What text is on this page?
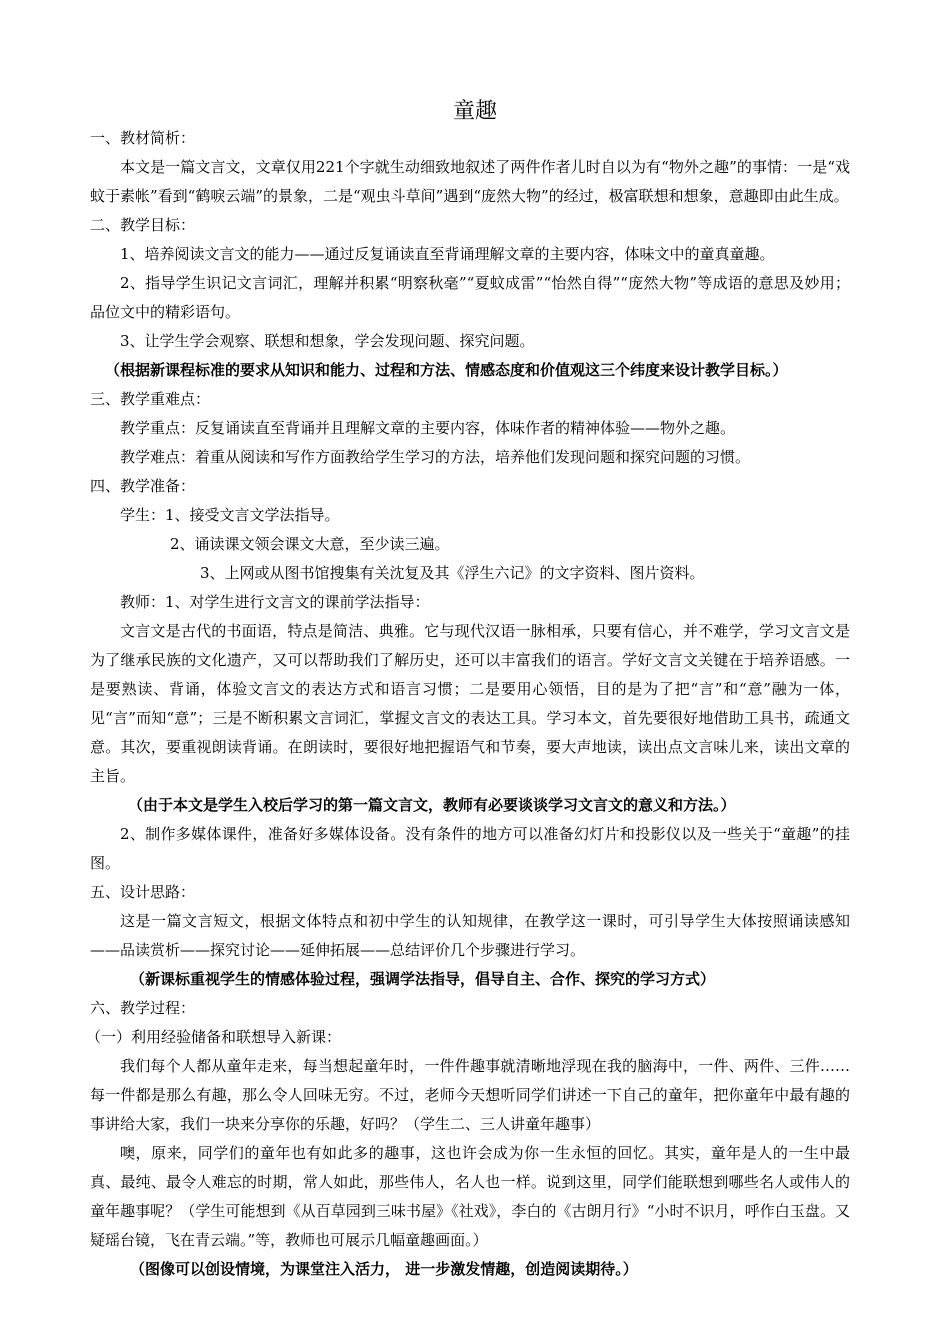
童趣

一、教材简析：

本文是一篇文言文，文章仅用221个字就生动细致地叙述了两件作者儿时自以为有“物外之趣”的事情：一是“戏蚊于素帐”看到“鹤唳云端”的景象，二是“观虫斗草间”遇到“庞然大物”的经过，极富联想和想象，意趣即由此生成。

二、教学目标：

1、培养阅读文言文的能力——通过反复诵读直至背诵理解文章的主要内容，体味文中的童真童趣。

2、指导学生识记文言词汇，理解并积累“明察秋毫”“夏蚊成雷”“怡然自得”“庞然大物”等成语的意思及妙用；品位文中的精彩语句。

3、让学生学会观察、联想和想象，学会发现问题、探究问题。

（根据新课程标准的要求从知识和能力、过程和方法、情感态度和价值观这三个纬度来设计教学目标。）

三、教学重难点：

教学重点：反复诵读直至背诵并且理解文章的主要内容，体味作者的精神体验——物外之趣。

教学难点：着重从阅读和写作方面教给学生学习的方法，培养他们发现问题和探究问题的习惯。

四、教学准备：

学生：1、接受文言文学法指导。

2、诵读课文领会课文大意，至少读三遍。

3、上网或从图书馆搜集有关沈复及其《浮生六记》的文字资料、图片资料。

教师：1、对学生进行文言文的课前学法指导：

文言文是古代的书面语，特点是简洁、典雅。它与现代汉语一脉相承，只要有信心，并不难学，学习文言文是为了继承民族的文化遗产，又可以帮助我们了解历史，还可以丰富我们的语言。学好文言文关键在于培养语感。一是要熟读、背诵，体验文言文的表达方式和语言习惯；二是要用心领悟，目的是为了把“言”和“意”融为一体，见“言”而知“意”；三是不断积累文言词汇，掌握文言文的表达工具。学习本文，首先要很好地借助工具书，疏通文意。其次，要重视朗读背诵。在朗读时，要很好地把握语气和节奏，要大声地读，读出点文言味儿来，读出文章的主旨。

（由于本文是学生入校后学习的第一篇文言文，教师有必要谈谈学习文言文的意义和方法。）

2、制作多媒体课件，准备好多媒体设备。没有条件的地方可以准备幻灯片和投影仪以及一些关于“童趣”的挂图。

五、设计思路：

这是一篇文言短文，根据文体特点和初中学生的认知规律，在教学这一课时，可引导学生大体按照诵读感知——品读赏析——探究讨论——延伸拓展——总结评价几个步骤进行学习。

（新课标重视学生的情感体验过程，强调学法指导，倡导自主、合作、探究的学习方式）

六、教学过程：

（一）利用经验储备和联想导入新课：

我们每个人都从童年走来，每当想起童年时，一件件趣事就清晰地浮现在我的脑海中，一件、两件、三件……每一件都是那么有趣，那么令人回味无穷。不过，老师今天想听同学们讲述一下自己的童年，把你童年中最有趣的事讲给大家，我们一块来分享你的乐趣，好吗？（学生二、三人讲童年趣事）

噢，原来，同学们的童年也有如此多的趣事，这也许会成为你一生永恒的回忆。其实，童年是人的一生中最真、最纯、最令人难忘的时期，常人如此，那些伟人，名人也一样。说到这里，同学们能联想到哪些名人或伟人的童年趣事呢？（学生可能想到《从百草园到三味书屋》《社戏》，李白的《古朗月行》“小时不识月，呼作白玉盘。又疑瑶台镜，飞在青云端。”等，教师也可展示几幅童趣画面。）

（图像可以创设情境，为课堂注入活力， 进一步激发情趣，创造阅读期待。）
